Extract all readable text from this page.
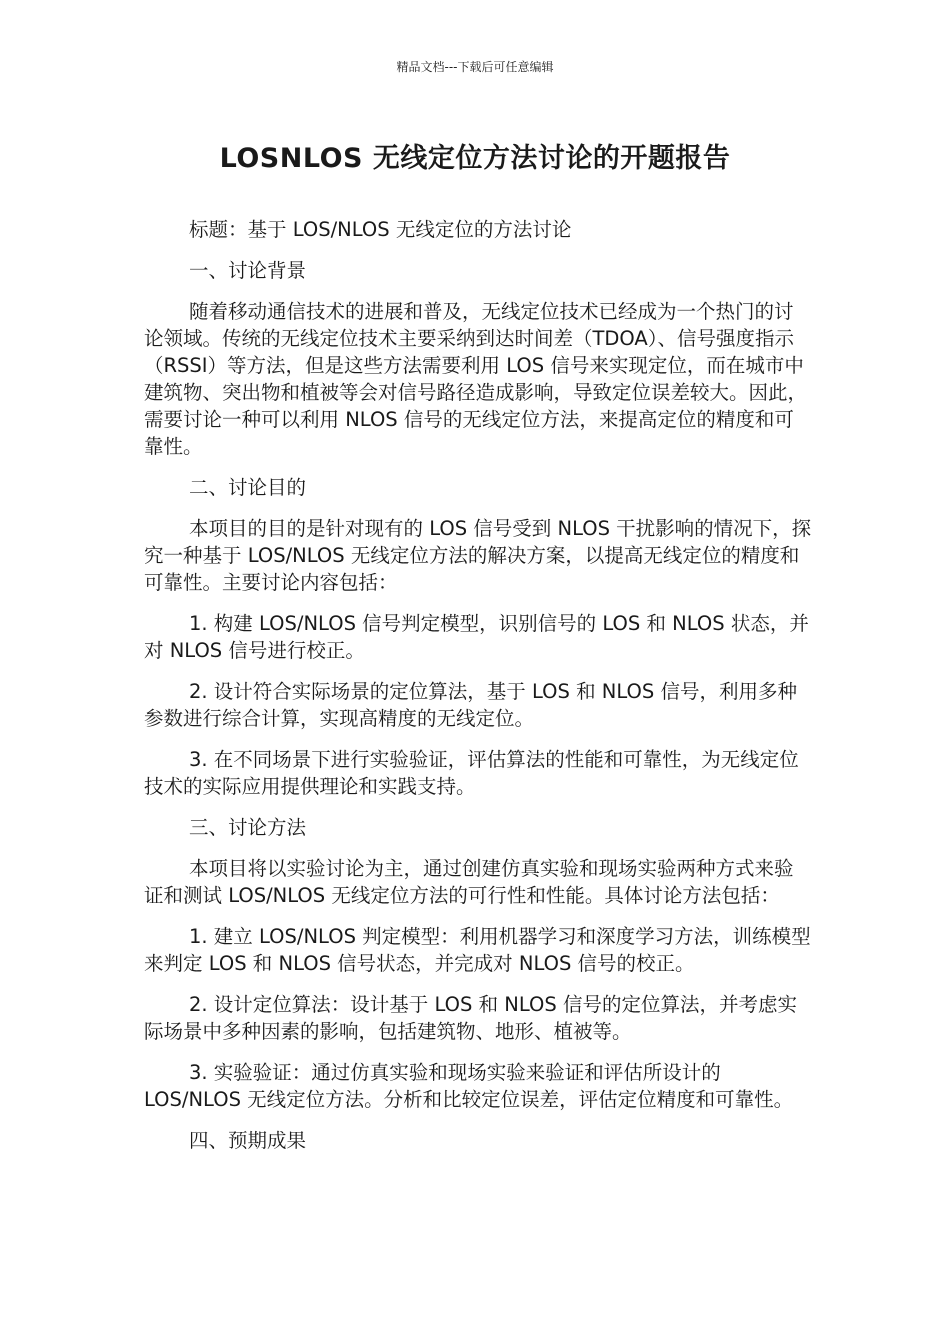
精品文档---下载后可任意编辑
LOSNLOS 无线定位方法讨论的开题报告

标题：基于 LOS/NLOS 无线定位的方法讨论

一、讨论背景

随着移动通信技术的进展和普及，无线定位技术已经成为一个热门的讨论领域。传统的无线定位技术主要采纳到达时间差（TDOA）、信号强度指示（RSSI）等方法，但是这些方法需要利用 LOS 信号来实现定位，而在城市中建筑物、突出物和植被等会对信号路径造成影响，导致定位误差较大。因此，需要讨论一种可以利用 NLOS 信号的无线定位方法，来提高定位的精度和可靠性。

二、讨论目的

本项目的目的是针对现有的 LOS 信号受到 NLOS 干扰影响的情况下，探究一种基于 LOS/NLOS 无线定位方法的解决方案，以提高无线定位的精度和可靠性。主要讨论内容包括：

1. 构建 LOS/NLOS 信号判定模型，识别信号的 LOS 和 NLOS 状态，并对 NLOS 信号进行校正。

2. 设计符合实际场景的定位算法，基于 LOS 和 NLOS 信号，利用多种参数进行综合计算，实现高精度的无线定位。

3. 在不同场景下进行实验验证，评估算法的性能和可靠性，为无线定位技术的实际应用提供理论和实践支持。

三、讨论方法

本项目将以实验讨论为主，通过创建仿真实验和现场实验两种方式来验证和测试 LOS/NLOS 无线定位方法的可行性和性能。具体讨论方法包括：

1. 建立 LOS/NLOS 判定模型：利用机器学习和深度学习方法，训练模型来判定 LOS 和 NLOS 信号状态，并完成对 NLOS 信号的校正。

2. 设计定位算法：设计基于 LOS 和 NLOS 信号的定位算法，并考虑实际场景中多种因素的影响，包括建筑物、地形、植被等。

3. 实验验证：通过仿真实验和现场实验来验证和评估所设计的 LOS/NLOS 无线定位方法。分析和比较定位误差，评估定位精度和可靠性。

四、预期成果
